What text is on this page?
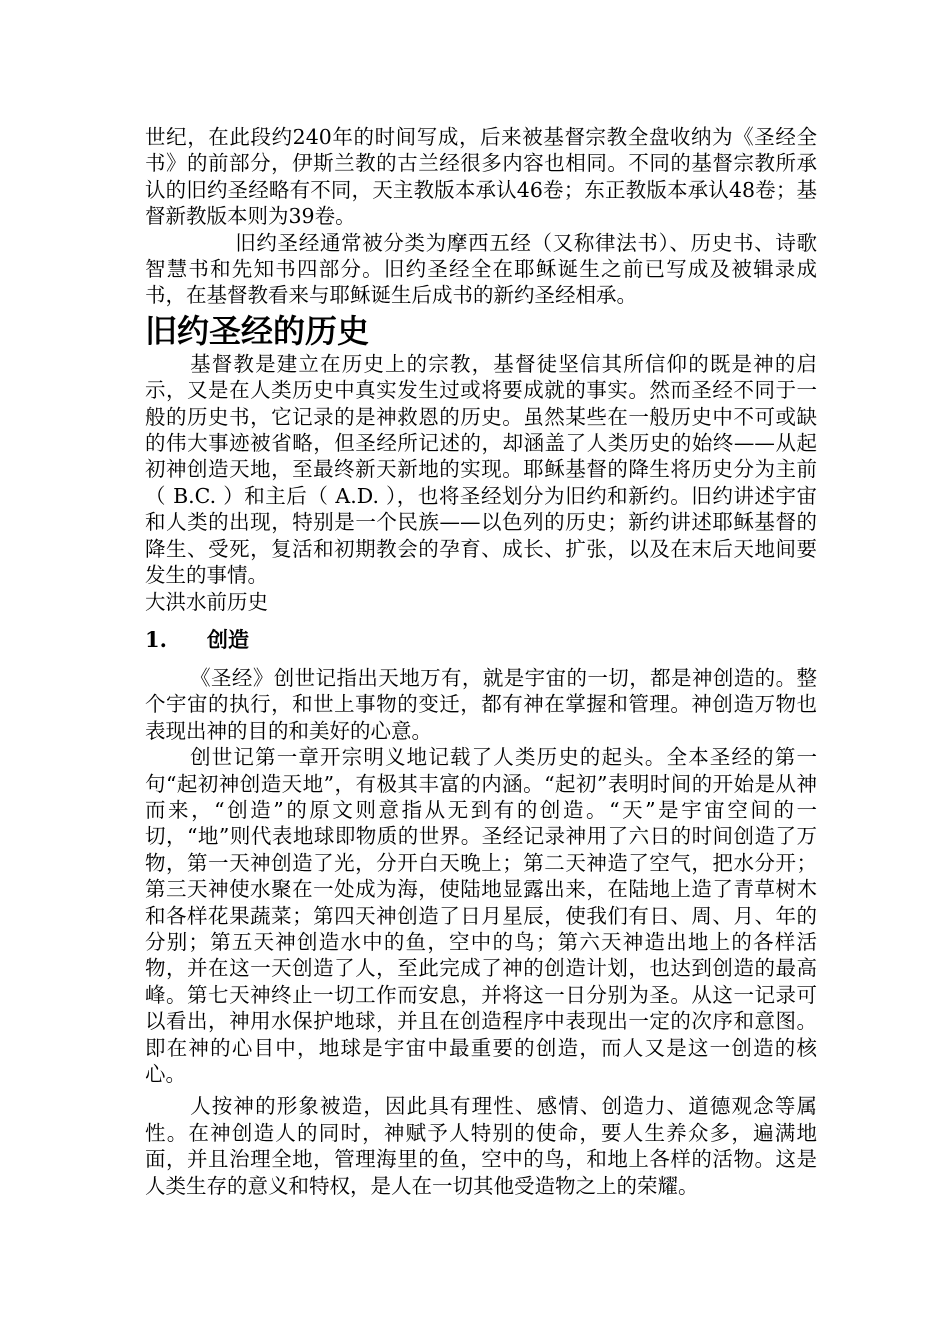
世纪，在此段约240年的时间写成，后来被基督宗教全盘收纳为《圣经全书》的前部分，伊斯兰教的古兰经很多内容也相同。不同的基督宗教所承认的旧约圣经略有不同，天主教版本承认46卷；东正教版本承认48卷；基督新教版本则为39卷。

旧约圣经通常被分类为摩西五经（又称律法书）、历史书、诗歌智慧书和先知书四部分。旧约圣经全在耶稣诞生之前已写成及被辑录成书，在基督教看来与耶稣诞生后成书的新约圣经相承。

旧约圣经的历史

基督教是建立在历史上的宗教，基督徒坚信其所信仰的既是神的启示，又是在人类历史中真实发生过或将要成就的事实。然而圣经不同于一般的历史书，它记录的是神救恩的历史。虽然某些在一般历史中不可或缺的伟大事迹被省略，但圣经所记述的，却涵盖了人类历史的始终——从起初神创造天地，至最终新天新地的实现。耶稣基督的降生将历史分为主前（ B.C. ）和主后（ A.D. ），也将圣经划分为旧约和新约。旧约讲述宇宙和人类的出现，特别是一个民族——以色列的历史；新约讲述耶稣基督的降生、受死，复活和初期教会的孕育、成长、扩张，以及在末后天地间要发生的事情。

大洪水前历史
1.	创造

《圣经》创世记指出天地万有，就是宇宙的一切，都是神创造的。整个宇宙的执行，和世上事物的变迁，都有神在掌握和管理。神创造万物也表现出神的目的和美好的心意。

创世记第一章开宗明义地记载了人类历史的起头。全本圣经的第一句“起初神创造天地”，有极其丰富的内涵。“起初”表明时间的开始是从神而来，“创造”的原文则意指从无到有的创造。“天”是宇宙空间的一切，“地”则代表地球即物质的世界。圣经记录神用了六日的时间创造了万物，第一天神创造了光，分开白天晚上；第二天神造了空气，把水分开；第三天神使水聚在一处成为海，使陆地显露出来，在陆地上造了青草树木和各样花果蔬菜；第四天神创造了日月星辰，使我们有日、周、月、年的分别；第五天神创造水中的鱼，空中的鸟；第六天神造出地上的各样活物，并在这一天创造了人，至此完成了神的创造计划，也达到创造的最高峰。第七天神终止一切工作而安息，并将这一日分别为圣。从这一记录可以看出，神用水保护地球，并且在创造程序中表现出一定的次序和意图。即在神的心目中，地球是宇宙中最重要的创造，而人又是这一创造的核心。

人按神的形象被造，因此具有理性、感情、创造力、道德观念等属性。在神创造人的同时，神赋予人特别的使命，要人生养众多，遍满地面，并且治理全地，管理海里的鱼，空中的鸟，和地上各样的活物。这是人类生存的意义和特权，是人在一切其他受造物之上的荣耀。
